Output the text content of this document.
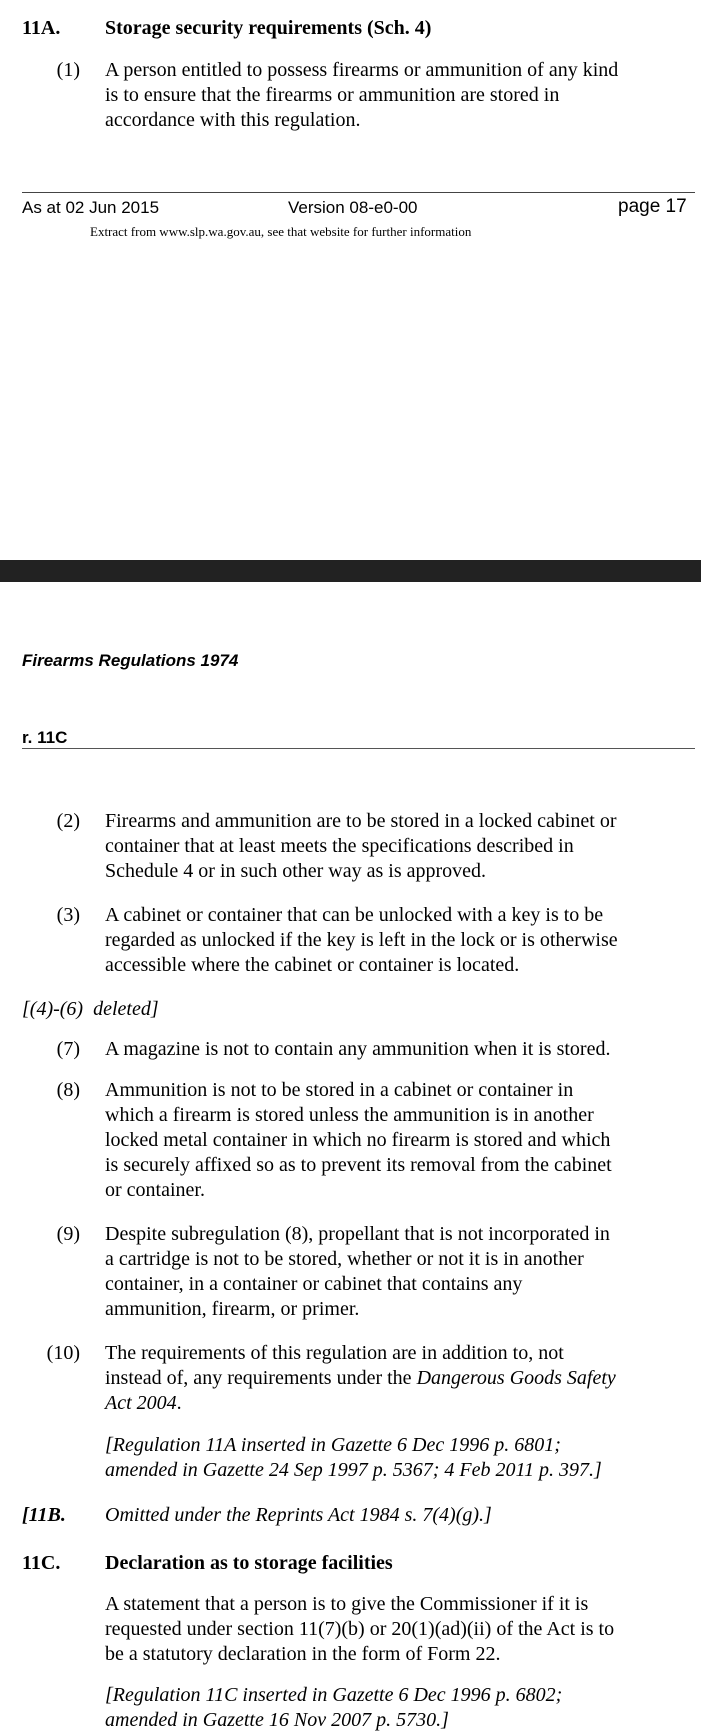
11A. Storage security requirements (Sch. 4)
(1) A person entitled to possess firearms or ammunition of any kind
is to ensure that the firearms or ammunition are stored in
accordance with this regulation.
As at 02 Jun 2015	Version 08-e0-00	page 17
Extract from www.slp.wa.gov.au, see that website for further information
Firearms Regulations 1974
r. 11C
(2) Firearms and ammunition are to be stored in a locked cabinet or
container that at least meets the specifications described in
Schedule 4 or in such other way as is approved.
(3) A cabinet or container that can be unlocked with a key is to be
regarded as unlocked if the key is left in the lock or is otherwise
accessible where the cabinet or container is located.
[(4)-(6)  deleted]
(7) A magazine is not to contain any ammunition when it is stored.
(8) Ammunition is not to be stored in a cabinet or container in
which a firearm is stored unless the ammunition is in another
locked metal container in which no firearm is stored and which
is securely affixed so as to prevent its removal from the cabinet
or container.
(9) Despite subregulation (8), propellant that is not incorporated in
a cartridge is not to be stored, whether or not it is in another
container, in a container or cabinet that contains any
ammunition, firearm, or primer.
(10) The requirements of this regulation are in addition to, not
instead of, any requirements under the Dangerous Goods Safety
Act 2004.
[Regulation 11A inserted in Gazette 6 Dec 1996 p. 6801;
amended in Gazette 24 Sep 1997 p. 5367; 4 Feb 2011 p. 397.]
[11B. Omitted under the Reprints Act 1984 s. 7(4)(g).]
11C. Declaration as to storage facilities
A statement that a person is to give the Commissioner if it is
requested under section 11(7)(b) or 20(1)(ad)(ii) of the Act is to
be a statutory declaration in the form of Form 22.
[Regulation 11C inserted in Gazette 6 Dec 1996 p. 6802;
amended in Gazette 16 Nov 2007 p. 5730.]
